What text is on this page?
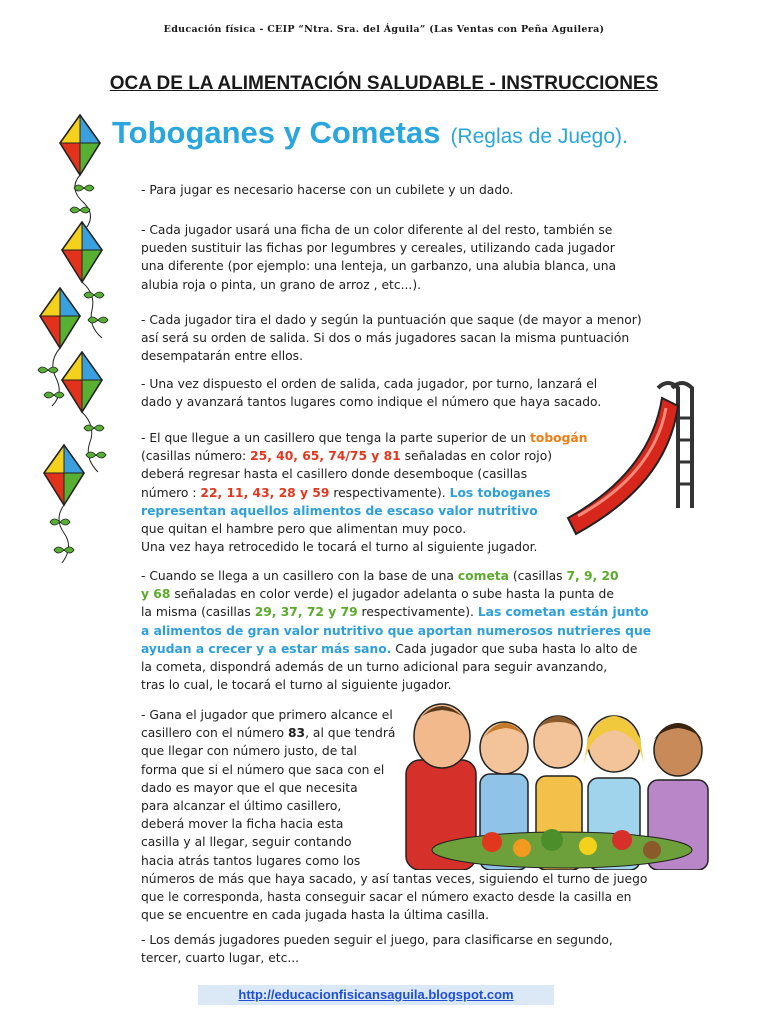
Educación física - CEIP “Ntra. Sra. del Águila” (Las Ventas con Peña Aguilera)
OCA DE LA ALIMENTACIÓN SALUDABLE - INSTRUCCIONES
Toboganes y Cometas (Reglas de Juego).
- Para jugar es necesario hacerse con un cubilete y un dado.
- Cada jugador usará una ficha de un color diferente al del resto, también se
pueden sustituir las fichas por legumbres y cereales, utilizando cada jugador
una diferente (por ejemplo: una lenteja, un garbanzo, una alubia blanca, una
alubia roja o pinta, un grano de arroz , etc...).
- Cada jugador tira el dado y según la puntuación que saque (de mayor a menor)
así será su orden de salida. Si dos o más jugadores sacan la misma puntuación
desempatarán entre ellos.
- Una vez dispuesto el orden de salida, cada jugador, por turno, lanzará el
dado y avanzará tantos lugares como indique el número que haya sacado.
- El que llegue a un casillero que tenga la parte superior de un tobogán
(casillas número: 25, 40, 65, 74/75 y 81 señaladas en color rojo)
deberá regresar hasta el casillero donde desemboque (casillas
número : 22, 11, 43, 28 y 59 respectivamente). Los toboganes
representan aquellos alimentos de escaso valor nutritivo
que quitan el hambre pero que alimentan muy poco.
Una vez haya retrocedido le tocará el turno al siguiente jugador.
- Cuando se llega a un casillero con la base de una cometa (casillas 7, 9, 20
y 68 señaladas en color verde) el jugador adelanta o sube hasta la punta de
la misma (casillas 29, 37, 72 y 79 respectivamente). Las cometan están junto
a alimentos de gran valor nutritivo que aportan numerosos nutrieres que
ayudan a crecer y a estar más sano. Cada jugador que suba hasta lo alto de
la cometa, dispondrá además de un turno adicional para seguir avanzando,
tras lo cual, le tocará el turno al siguiente jugador.
- Gana el jugador que primero alcance el
casillero con el número 83, al que tendrá
que llegar con número justo, de tal
forma que si el número que saca con el
dado es mayor que el que necesita
para alcanzar el último casillero,
deberá mover la ficha hacia esta
casilla y al llegar, seguir contando
hacia atrás tantos lugares como los
números de más que haya sacado, y así tantas veces, siguiendo el turno de juego
que le corresponda, hasta conseguir sacar el número exacto desde la casilla en
que se encuentre en cada jugada hasta la última casilla.
- Los demás jugadores pueden seguir el juego, para clasificarse en segundo,
tercer, cuarto lugar, etc...
http://educacionfisicansaguila.blogspot.com
